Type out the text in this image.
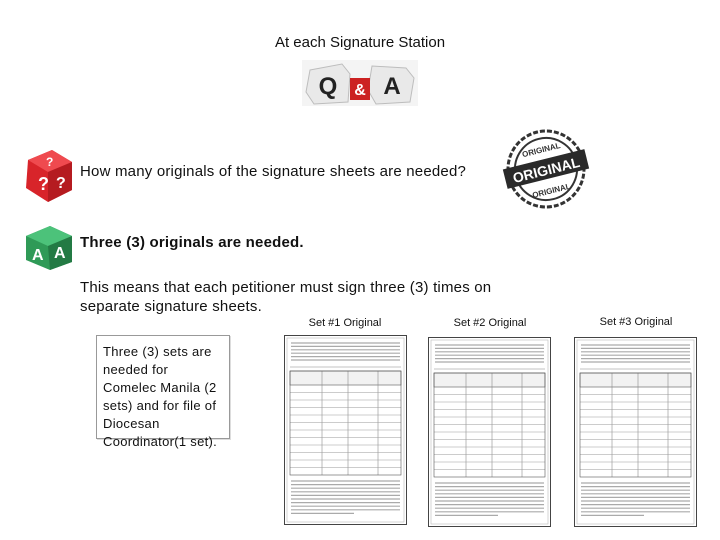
At each Signature Station
Q & A
? ?
?
A A
How many originals of the signature sheets are needed?
Three (3) originals are needed.
This means that each petitioner must sign three (3) times on separate signature sheets.
ORIGINAL
ORIGINAL
ORIGINAL
Set #1 Original	Set #2 Original	Set #3 Original
Three (3) sets are needed for Comelec Manila (2 sets) and for file of Diocesan Coordinator(1 set).
